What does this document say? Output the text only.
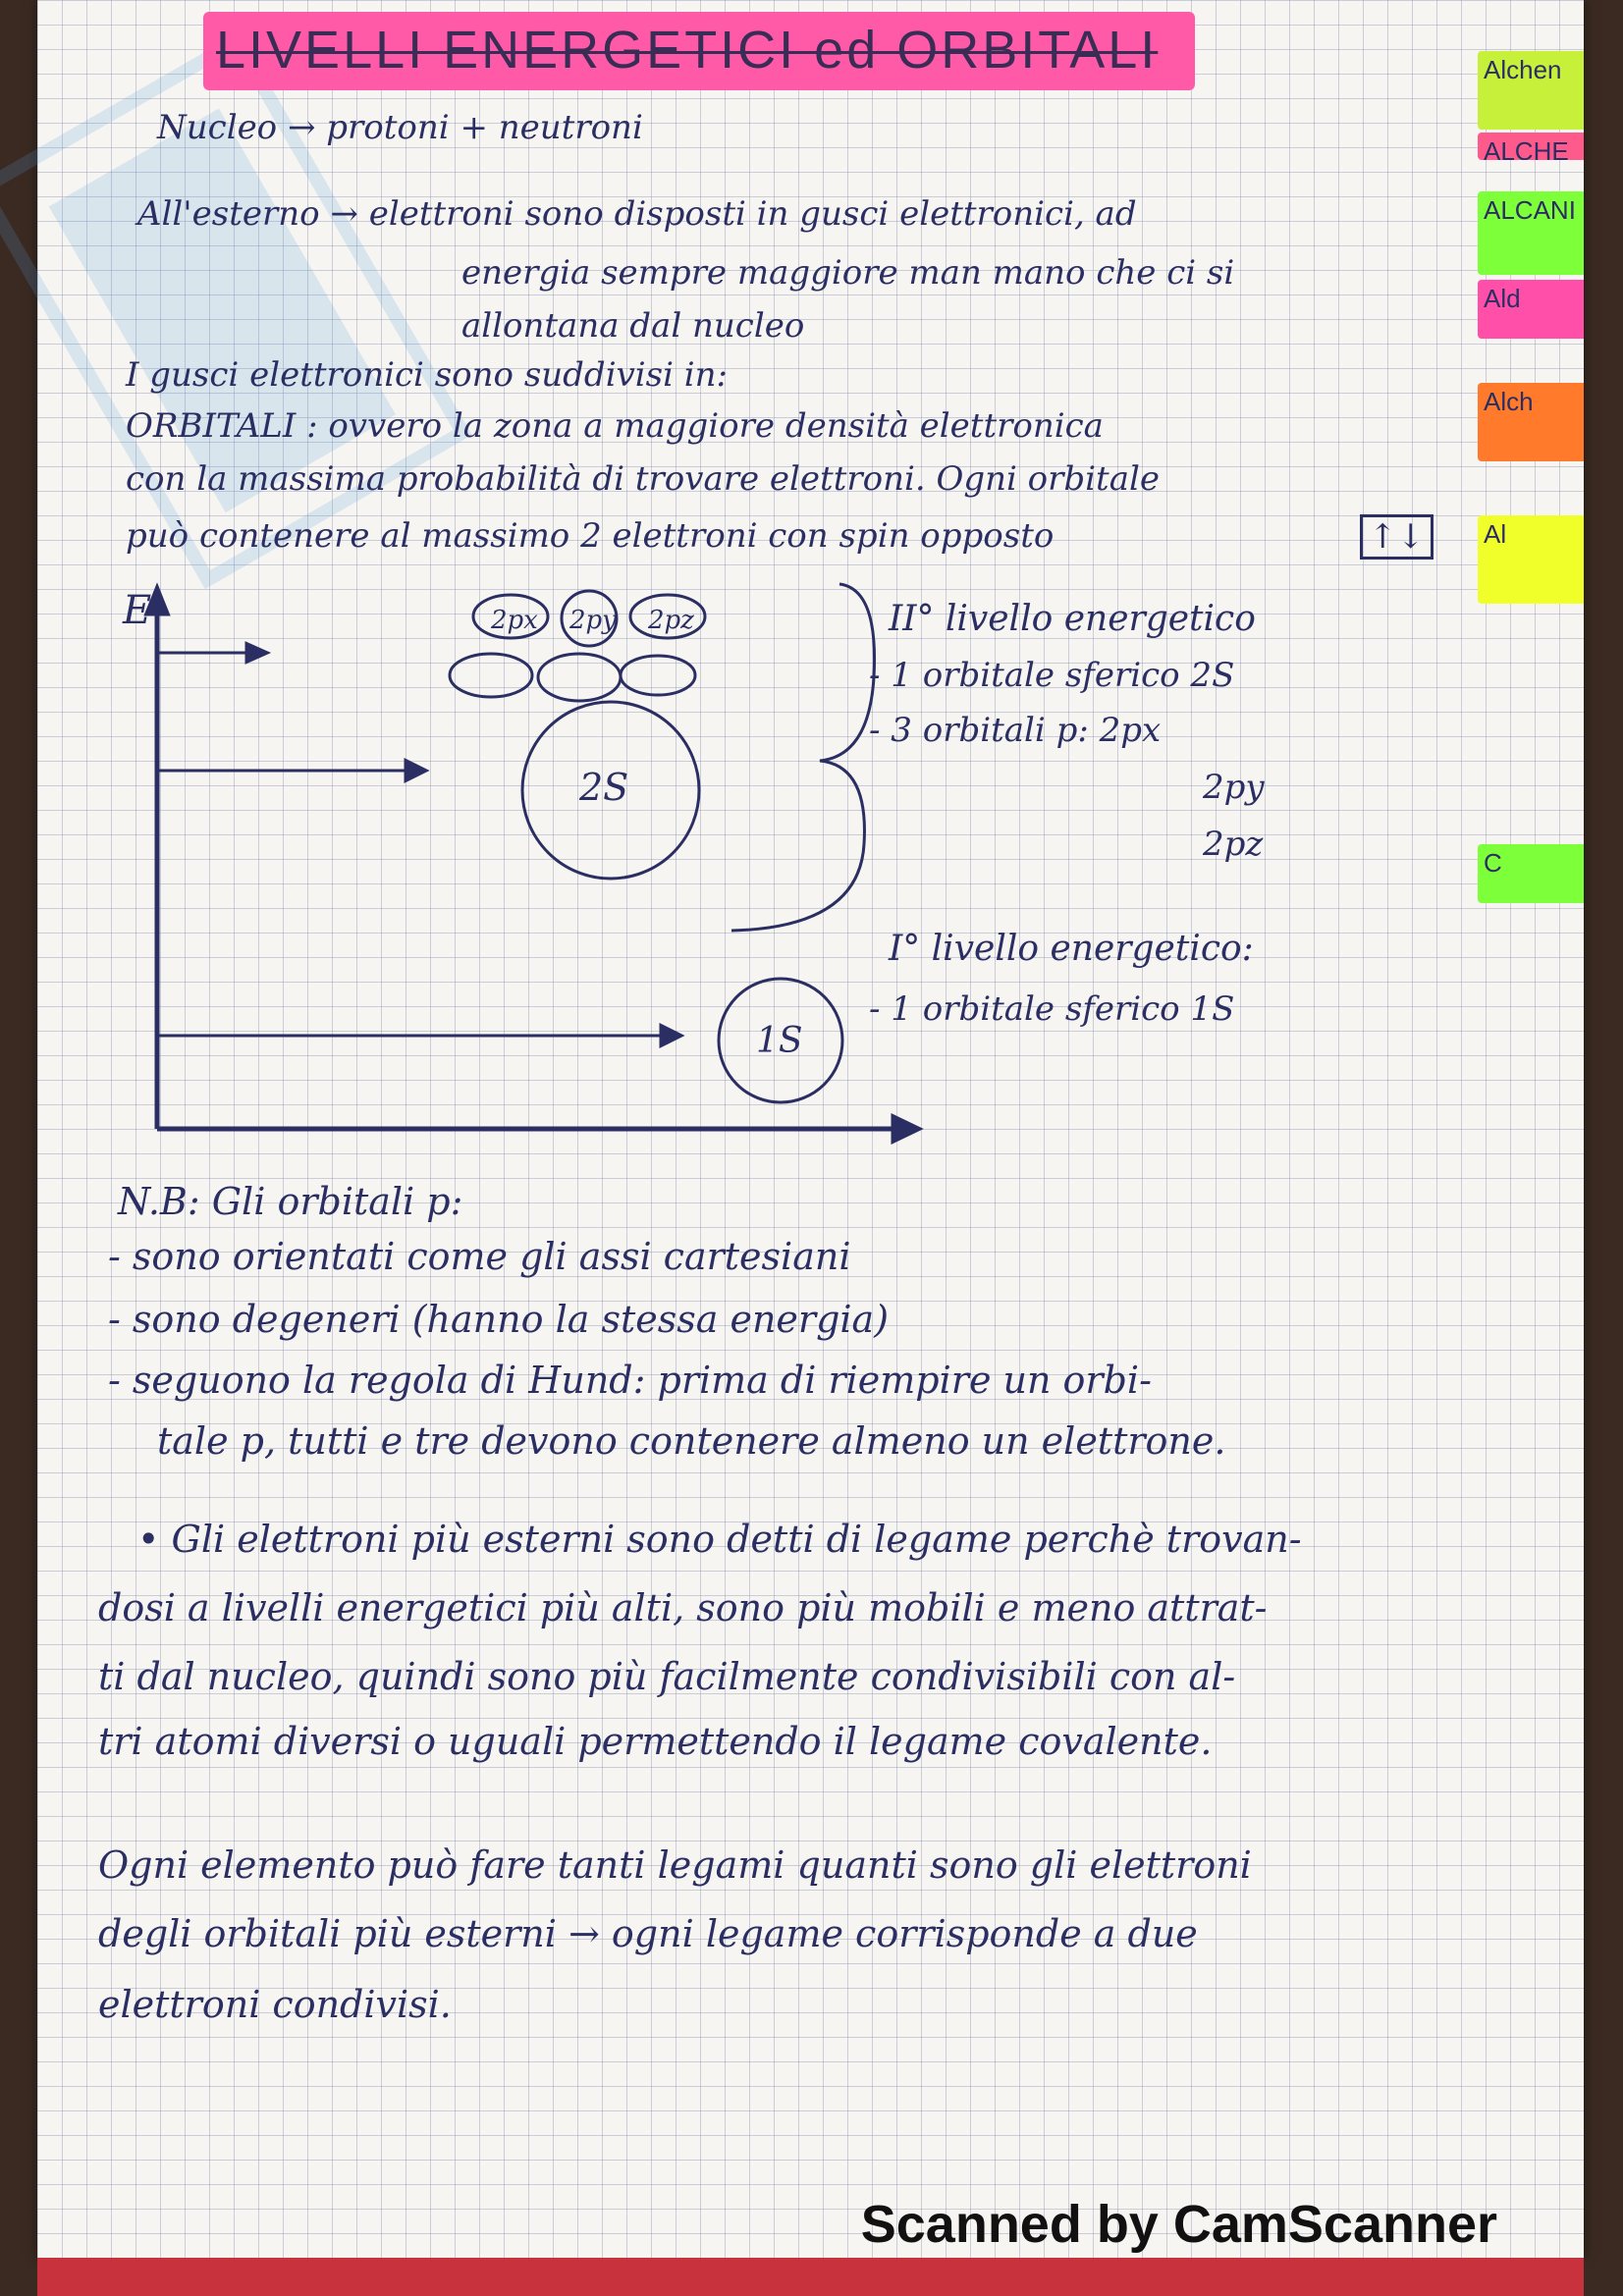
Alchen
ALCHE
ALCANI
Ald
Alch
Al
C
LIVELLI ENERGETICI ed ORBITALI
Nucleo → protoni + neutroni
All'esterno → elettroni sono disposti in gusci elettronici, ad
energia sempre maggiore man mano che ci si
allontana dal nucleo
I gusci elettronici sono suddivisi in:
ORBITALI : ovvero la zona a maggiore densità elettronica
con la massima probabilità di trovare elettroni. Ogni orbitale
può contenere al massimo 2 elettroni con spin opposto	↑↓
E	2px 2py 2pz
2S
1S
II° livello energetico
- 1 orbitale sferico 2S
- 3 orbitali p: 2px
2py
2pz
I° livello energetico:
- 1 orbitale sferico 1S
N.B: Gli orbitali p:
- sono orientati come gli assi cartesiani
- sono degeneri (hanno la stessa energia)
- seguono la regola di Hund: prima di riempire un orbi-
tale p, tutti e tre devono contenere almeno un elettrone.
• Gli elettroni più esterni sono detti di legame perchè trovan-
dosi a livelli energetici più alti, sono più mobili e meno attrat-
ti dal nucleo, quindi sono più facilmente condivisibili con al-
tri atomi diversi o uguali permettendo il legame covalente.
Ogni elemento può fare tanti legami quanti sono gli elettroni
degli orbitali più esterni → ogni legame corrisponde a due
elettroni condivisi.
Scanned by CamScanner
